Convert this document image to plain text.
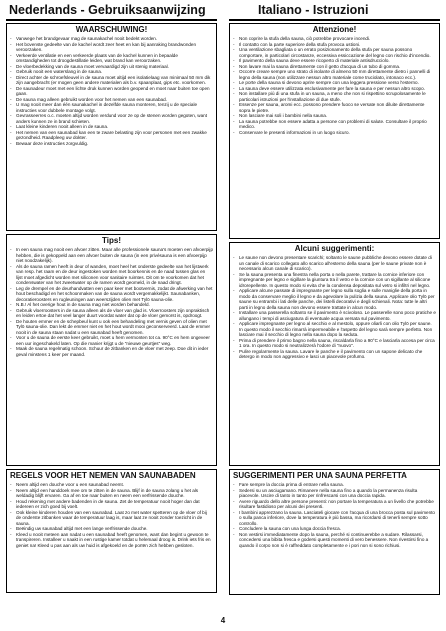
Nederlands - Gebruiksaanwijzing	Italiano - Istruzioni
WAARSCHUWING!
- Vanwege het brandgevaar mag de saunakachel nooit bedekt worden.
- Het bovenste gedeelte van de kachel wordt zeer heet en kan bij aanraking brandwonden veroorzaken.
- Verkeerde ventilatie en een verkeerde plaats van de kachel kunnen in bepaalde omstandigheden tot droogdestillatie leiden, wat brand kan veroorzaken.
- De vloerbedekking van de sauna moet vervaardigd zijn uit stenig materiaal.
- Gebruik nooit een waterslang in de sauna.
- Direct achter de schroefsleuvel in de sauna moet altijd een isolatielaag van minimaal 50 mm dik zijn aangebracht (er mogen geen andere materialen als b.v. spaanplaat, gips etc. voorkomen.
- De saunadeur moet met een lichte druk kunnen worden geopend en moet naar buiten toe open gaan.
- De sauna mag alleen gebruikt worden voor het nemen van een saunabad.
- U mag nooit meer dan één saunakachel in dezelfde sauna monteren, tenzij u de speciale instructies voor dubbele montage volgt.
- Gevrasseerres o.c. moeten altijd worden verdund voor ze op de stenen worden gegoten, want anders kunnen ze in brand schieten.
- Laat kleine kinderen nooit alleen in de sauna.
- Het nemen van een saunabad kan een te zware belasting zijn voor personen met een zwakke gezondheid. Raadpleeg uw dokter.
- Bewaar deze instructies zorgvuldig.
Tips!
- In een sauna mag nooit een afvoer zitten. Maar alle professionele sauna's moeten een afvoerpijp hebben, die is gekoppeld aan een afvoer buiten de sauna (in een privésauna is een afvoerpijp niet noodzakelijk).
- Als de sauna ramen heeft in deur of wanden, moet heel het onderste gedeelte van het lijstwerk van resp. het raam en de deur ingestoken worden met boorkennis en de naad tussen glas en lijst moet afgedicht worden met siliconen voor sanitaire ruimtes. Dit om te voorkomen dat het condenswater van het zweetwater op de ramen wordt geomeld, in de naad dringt.
- Leg de drempel en de deurhandvatten een paar keer met bootvernis, zodat de afwerking van het hout beschadigd en het schoonmaken van de sauna wordt vergemakkelijkt. Saunabanken, decoratieroosters en rugleuningen aan weerszijden olien met Tylö sauna-olie.
- N.B.! Al het overige hout in de sauna mag niet worden behandeld.
- Gebruik vloerroosters in de sauna alleen als de vloer van glad is. Vloerroosters zijn onpraktisch en leiden ertoe dat het veel langer duurt voordat water dat op de vloer gemorst is, opdroogt.
- De houten emmer en de schepbeul kunt u ook een behandeling met vernis geven of olien met Tylö sauna-olie. Dan lekt de emmer niet en het hout wordt mooi geconserveerd. Laat de emmer nooit in de sauna staan nadat u een saunabad heeft genomen.
- Voor u de sauna de eerste keer gebruikt, moet u hem vermonten tot ca. 90°C en hem ongeveer een uur ingeschakeld laten. Op die manier krijgt u de "nieuwe geurtjes" weg.
- Maak de sauna regelmatig schoon. Schuur de zitbanken en de vloer met zeep. Doe dit in ieder geval minstens 1 keer per maand.
REGELS VOOR HET NEMEN VAN SAUNABADEN
- Neem altijd een douche voor u een saunabad neemt.
- Neem altijd een handdoek mee om te zitten in de sauna. Blijf in de sauna zolang u het als weldadig blijft ervaren. Ga af en toe naar buiten en neem een verfrissende douche.
- Houd rekening met andere badenden in de sauna. Zet de temperatuur nooit hoger dan dat iedereen er zich goed bij voelt.
- Ook kleine kinderen houden van een saunabad. Laat zo met water spetteren op de vloer of bij de onderste zitbanken waar de temperatuur laag is, maar laat ze nooit zonder toezicht in de sauna.
- Beëindig uw saunabad altijd met een lange verfrissende douche.
- Kleed u nooit meteen aan nadat u een saunabad heeft genomen, want dan begint u gewoon te transpireren. Installeer u naakt in een rustige kamer totdat u helemaal droog is. Drink iets fris en geniet na! Kleed u pas aan als uw huid is afgekoeld en de porïën zich hebben gesloten.
Attenzione!
- Non coprire la stufa della sauna, ciò potrebbe provocare incendi.
- Il contatto con la parte superiore della stufa provoca ustioni.
- Una ventilazione sbagliata o un errato posizionamento della stufa per sauna possono comportare, in particolari circostanze, eccessiva essiccazione del legno con rischio d'incendio.
- Il pavimento della sauna deve essere ricoperto di materiale antisdrucciolo.
- Non lavare mai la sauna direttamente con il getto d'acqua di un tubo di gomma.
- Occorre creare sempre uno strato di isolante di almeno 50 mm direttamente dietro i pannelli di legno della sauna (non utilizzare nessun altro materiale come truciolato, intonaco ecc.).
- Le porte della sauna si devono aprire sempre con una leggera pressione verso l'esterno.
- La sauna deve essere utilizzata esclusivamente per fare la sauna e per nessun altro scopo.
- Non installare più di una stufa in un sauna, a meno che non si rispettino scrupolosamente le particolari istruzioni per l'installazione di due stufe.
- Essenze per sauna, aromi ecc. possono prendere fuoco se versate non diluite direttamente sopra le pietre.
- Non lasciare mai soli i bambini nella sauna.
- La sauna potrebbe non essere adatta a persone con problemi di salute. Consultare il proprio medico.
- Conservare le presenti informazioni in un luogo sicuro.
Alcuni suggerimenti:
- Le saune non devono presentare scarichi; soltanto le saune pubbliche devono essere dotate di un canale di scarico collegato allo scarico all'esterno della sauna (per le saune private non è necessario alcun canale di scarico).
- Se la sauna presenta una finestra nella porta o nella parete, trattare la cornice inferiore con impregnante per legno e sigillare la giuntura tra il vetro e la cornice con un sigillante al silicone idrorepellente. In questo modo si evita che la condensa depositata sul vetro si infiltri nel legno.
- Applicare alcune passate di impregnante per legno sulla soglia e sulle maniglie della porta in modo da conservare meglio il legno e da agevolare la pulizia della sauna. Applicare olio Tylö per saune su entrambi i lati delle panche, dei listelli decorativi e degli schienali. Nota: tutte le altri parti in legno della sauna non devono essere trattate in alcun modo.
- Installare una passerella soltanto se il pavimento è scivoloso. Le passerelle sono poco pratiche e allungano i tempi di asciugatura di eventuale acqua versata sul pavimento.
- Applicare impregnante per legno al secchio e al mestolo, oppure oliarli con olio Tylö per saune. In questo modo il secchio rimarrà impermeabile e l'aspetto del legno sarà sempre perfetto. Non lasciare mai il secchio di legno nella sauna dopo la seduta.
- Prima di prendere il primo bagno nella sauna, riscaldarla fino a 90°C e lasciarla accesa per circa 1 ora. In questo modo si neutralizzerà l'odore di "nuovo".
- Pulire regolarmente la sauna. Lavare le panche e il pavimento con un sapone delicato che detergo in modo non aggressivo e lasci un piacevole profumo.
SUGGERIMENTI PER UNA SAUNA PERFETTA
- Fare sempre la doccia prima di entrare nella sauna.
- Sedersi su un asciugamano. Rimanere nella sauna fino a quando la permanenza risulta piacevole. Uscire di tanto in tanto per rinfrescarsi con una doccia rapida.
- Avere riguardo dello altre persone presenti: non portare la temperatura a un livello che potrebbe risultare fastidioso per alcuni dei presenti.
- I bambini apprezzano la sauna. Lasciateli giocare con l'acqua di una brocca posta sul pavimento o sulla panca inferiore, dove la temperatura è più bassa, ma ricordarsi di tenerli sempre sotto controllo.
- Concludere la sauna con una lunga doccia fresca.
- Non vestirsi immediatamente dopo la sauna, perché si continuerebbe a sudare. Rilassarsi, concedersi una bibita fresca e godersi questi momenti di vero benessere. Non rivestirsi fino a quando il corpo non si è raffreddato completamente e i pori non si sono richiusi.
4
